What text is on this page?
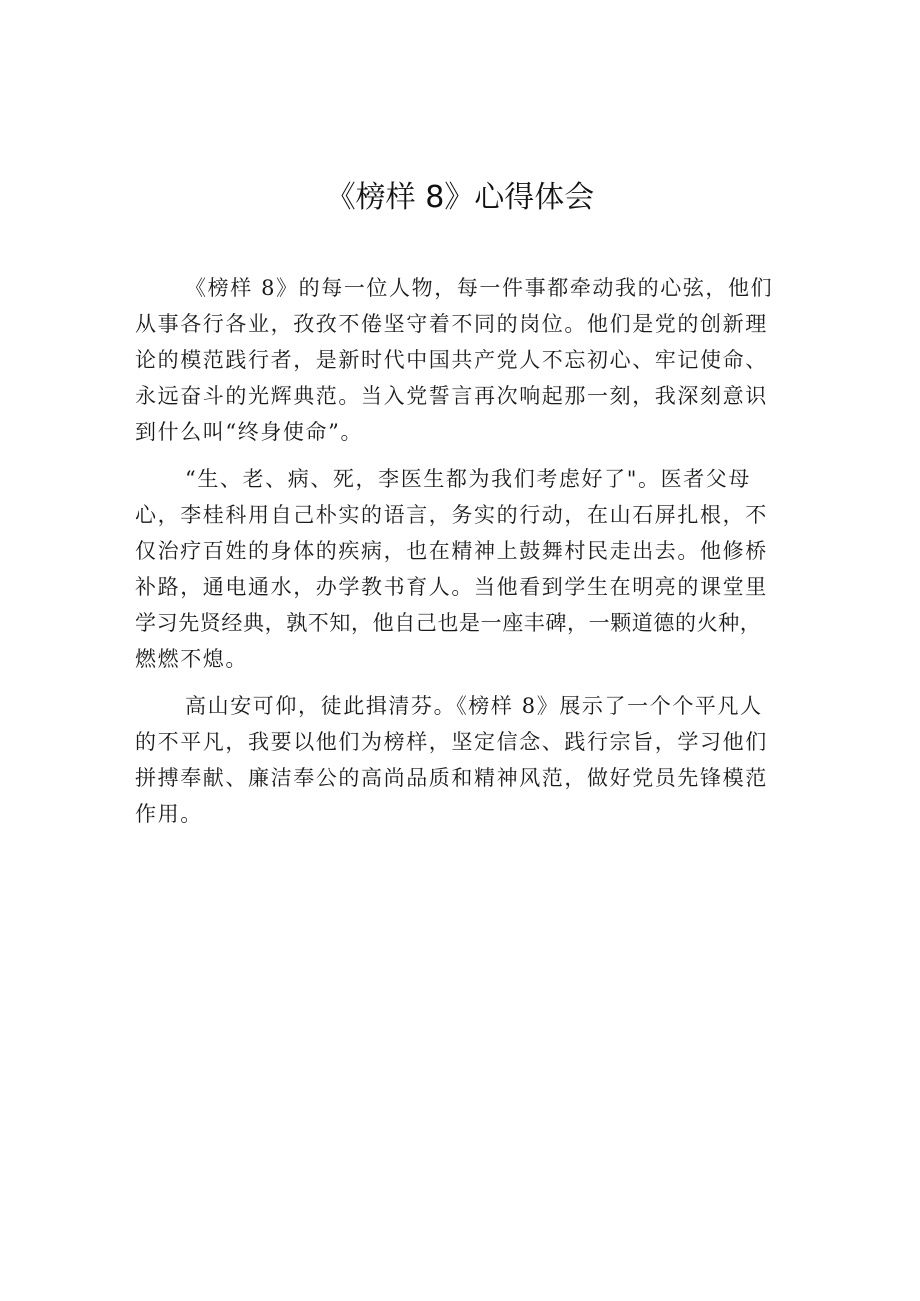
《榜样 8》心得体会

《榜样 8》的每一位人物，每一件事都牵动我的心弦，他们
从事各行各业，孜孜不倦坚守着不同的岗位。他们是党的创新理
论的模范践行者，是新时代中国共产党人不忘初心、牢记使命、
永远奋斗的光辉典范。当入党誓言再次响起那一刻，我深刻意识
到什么叫“终身使命”。

“生、老、病、死，李医生都为我们考虑好了"。医者父母
心，李桂科用自己朴实的语言，务实的行动，在山石屏扎根，不
仅治疗百姓的身体的疾病，也在精神上鼓舞村民走出去。他修桥
补路，通电通水，办学教书育人。当他看到学生在明亮的课堂里
学习先贤经典，孰不知，他自己也是一座丰碑，一颗道德的火种，
燃燃不熄。

高山安可仰，徒此揖清芬。《榜样 8》展示了一个个平凡人
的不平凡，我要以他们为榜样，坚定信念、践行宗旨，学习他们
拼搏奉献、廉洁奉公的高尚品质和精神风范，做好党员先锋模范
作用。
